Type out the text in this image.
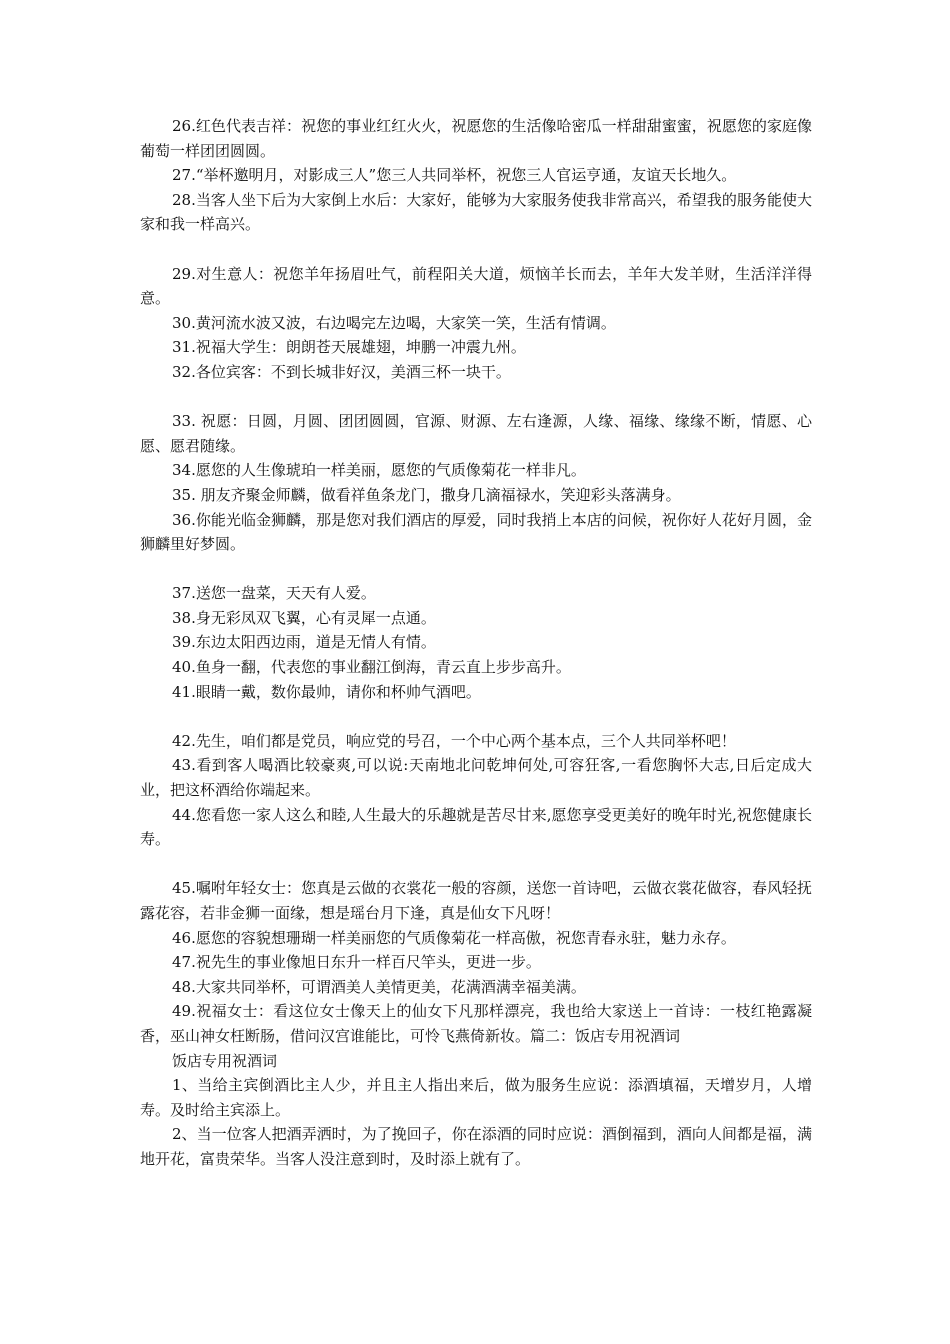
26.红色代表吉祥：祝您的事业红红火火，祝愿您的生活像哈密瓜一样甜甜蜜蜜，祝愿您的家庭像葡萄一样团团圆圆。

27.“举杯邀明月，对影成三人”您三人共同举杯，祝您三人官运亨通，友谊天长地久。

28.当客人坐下后为大家倒上水后：大家好，能够为大家服务使我非常高兴，希望我的服务能使大家和我一样高兴。

29.对生意人：祝您羊年扬眉吐气，前程阳关大道，烦恼羊长而去，羊年大发羊财，生活洋洋得意。

30.黄河流水波又波，右边喝完左边喝，大家笑一笑，生活有情调。

31.祝福大学生：朗朗苍天展雄翅，坤鹏一冲震九州。

32.各位宾客：不到长城非好汉，美酒三杯一块干。

33. 祝愿：日圆，月圆、团团圆圆，官源、财源、左右逢源，人缘、福缘、缘缘不断，情愿、心愿、愿君随缘。

34.愿您的人生像琥珀一样美丽，愿您的气质像菊花一样非凡。

35. 朋友齐聚金师麟，做看祥鱼条龙门，撒身几滴福禄水，笑迎彩头落满身。

36.你能光临金狮麟，那是您对我们酒店的厚爱，同时我捎上本店的问候，祝你好人花好月圆，金狮麟里好梦圆。

37.送您一盘菜，天天有人爱。

38.身无彩凤双飞翼，心有灵犀一点通。

39.东边太阳西边雨，道是无情人有情。

40.鱼身一翻，代表您的事业翻江倒海，青云直上步步高升。

41.眼睛一戴，数你最帅，请你和杯帅气酒吧。

42.先生，咱们都是党员，响应党的号召，一个中心两个基本点，三个人共同举杯吧！

43.看到客人喝酒比较豪爽,可以说:天南地北问乾坤何处,可容狂客,一看您胸怀大志,日后定成大业，把这杯酒给你端起来。

44.您看您一家人这么和睦,人生最大的乐趣就是苦尽甘来,愿您享受更美好的晚年时光,祝您健康长寿。

45.嘱咐年轻女士：您真是云做的衣裳花一般的容颜，送您一首诗吧，云做衣裳花做容，春风轻抚露花容，若非金狮一面缘，想是瑶台月下逢，真是仙女下凡呀！

46.愿您的容貌想珊瑚一样美丽您的气质像菊花一样高傲，祝您青春永驻，魅力永存。

47.祝先生的事业像旭日东升一样百尺竿头，更进一步。

48.大家共同举杯，可谓酒美人美情更美，花满酒满幸福美满。

49.祝福女士：看这位女士像天上的仙女下凡那样漂亮，我也给大家送上一首诗：一枝红艳露凝香，巫山神女枉断肠，借问汉宫谁能比，可怜飞燕倚新妆。篇二：饭店专用祝酒词

饭店专用祝酒词

1、当给主宾倒酒比主人少，并且主人指出来后，做为服务生应说：添酒填福，天增岁月，人增寿。及时给主宾添上。

2、当一位客人把酒弄洒时，为了挽回子，你在添酒的同时应说：酒倒福到，酒向人间都是福，满地开花，富贵荣华。当客人没注意到时，及时添上就有了。
